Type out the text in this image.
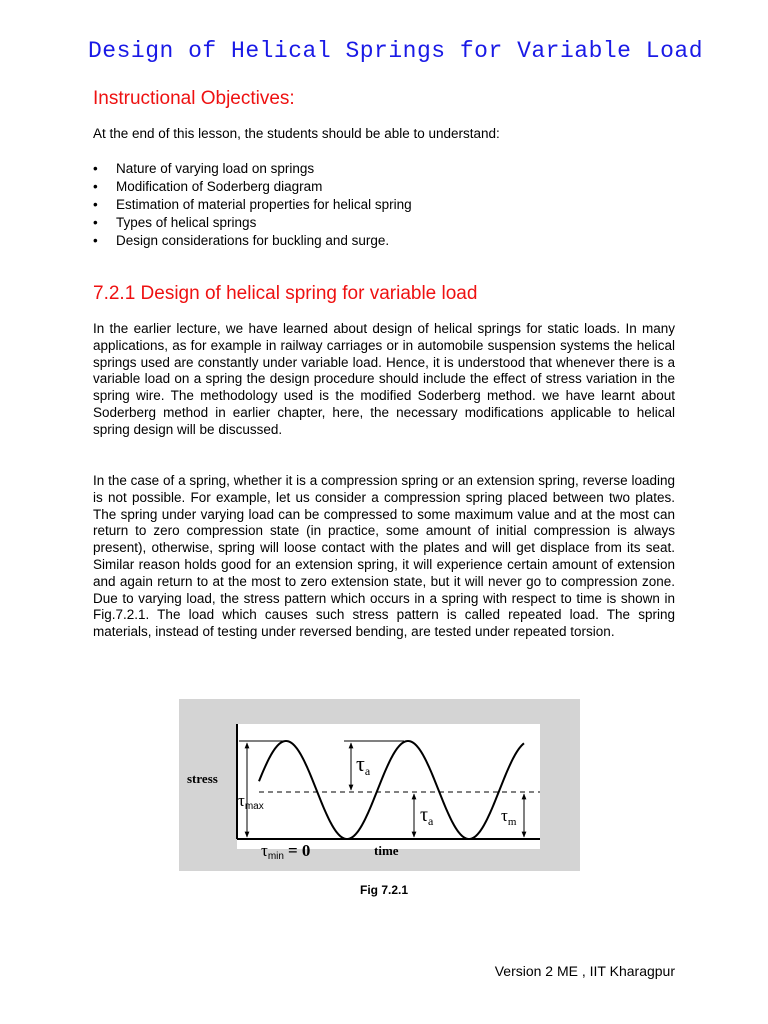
Design of Helical Springs for Variable Load
Instructional Objectives:

At the end of this lesson, the students should be able to understand:

• Nature of varying load on springs
• Modification of Soderberg diagram
• Estimation of material properties for helical spring
• Types of helical springs
• Design considerations for buckling and surge.
7.2.1 Design of helical spring for variable load

In the earlier lecture, we have learned about design of helical springs for static loads. In many applications, as for example in railway carriages or in automobile suspension systems the helical springs used are constantly under variable load. Hence, it is understood that whenever there is a variable load on a spring the design procedure should include the effect of stress variation in the spring wire. The methodology used is the modified Soderberg method. we have learnt about Soderberg method in earlier chapter, here, the necessary modifications applicable to helical spring design will be discussed.

In the case of a spring, whether it is a compression spring or an extension spring, reverse loading is not possible. For example, let us consider a compression spring placed between two plates. The spring under varying load can be compressed to some maximum value and at the most can return to zero compression state (in practice, some amount of initial compression is always present), otherwise, spring will loose contact with the plates and will get displace from its seat. Similar reason holds good for an extension spring, it will experience certain amount of extension and again return to at the most to zero extension state, but it will never go to compression zone. Due to varying load, the stress pattern which occurs in a spring with respect to time is shown in Fig.7.2.1. The load which causes such stress pattern is called repeated load. The spring materials, instead of testing under reversed bending, are tested under repeated torsion.

stress
time
τmax
τmin = 0
τa
$\tau_a$	$\tau_m$
Fig 7.2.1
Version 2 ME , IIT Kharagpur
